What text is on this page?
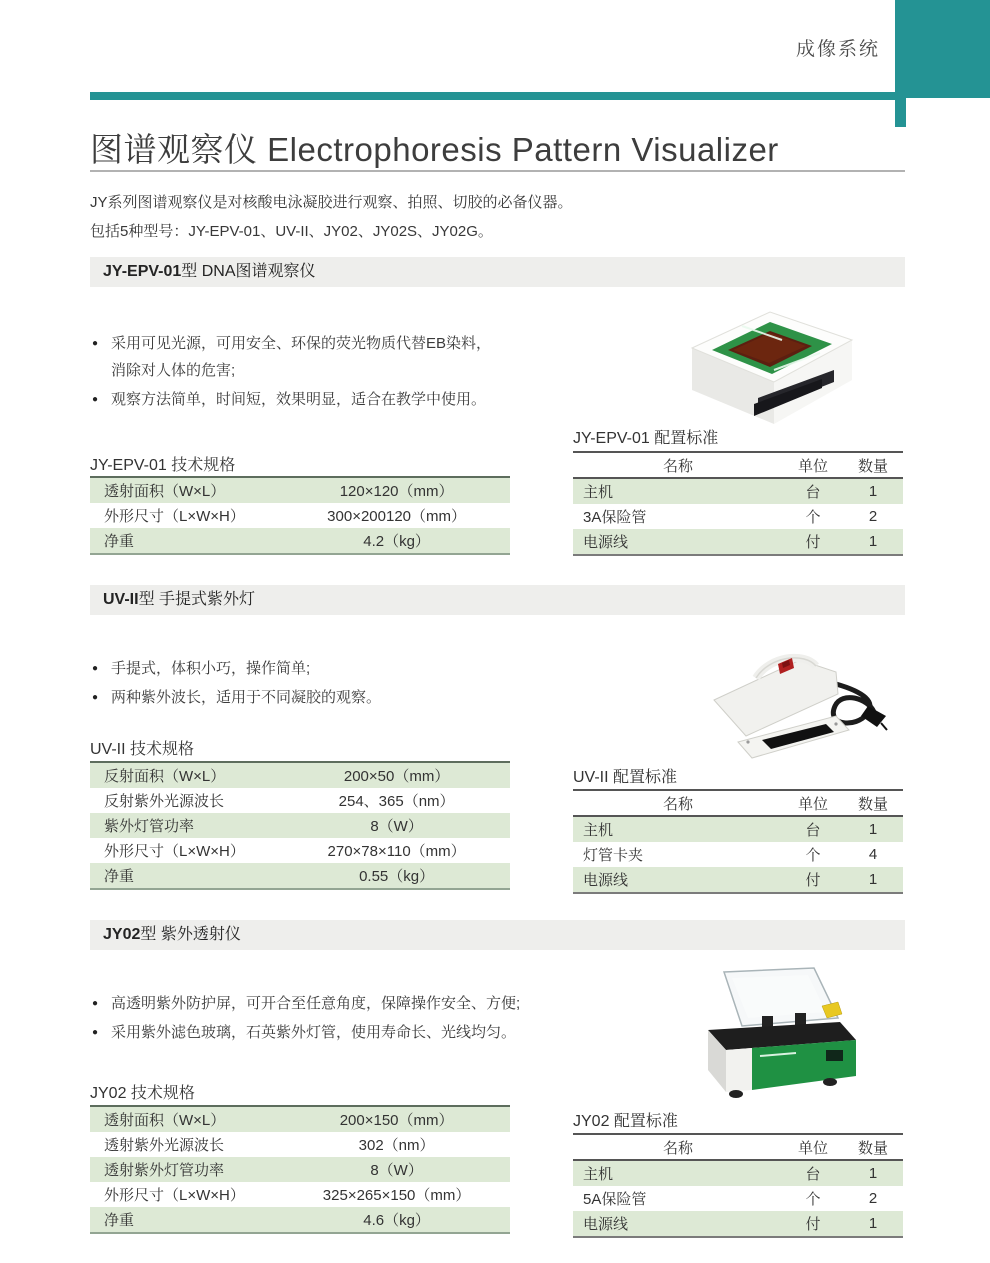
成像系统
图谱观察仪 Electrophoresis Pattern Visualizer
JY系列图谱观察仪是对核酸电泳凝胶进行观察、拍照、切胶的必备仪器。
包括5种型号：JY-EPV-01、UV-II、JY02、JY02S、JY02G。
JY-EPV-01型 DNA图谱观察仪
● 采用可见光源，可用安全、环保的荧光物质代替EB染料，
消除对人体的危害;
● 观察方法简单，时间短，效果明显，适合在教学中使用。
JY-EPV-01 配置标准
名称	单位	数量
主机	台	1
3A保险管	个	2
电源线	付	1
JY-EPV-01 技术规格
透射面积（W×L）	120×120（mm）
外形尺寸（L×W×H）	300×200120（mm）
净重	4.2（kg）
UV-II型 手提式紫外灯
● 手提式，体积小巧，操作简单;
● 两种紫外波长，适用于不同凝胶的观察。
UV-II 配置标准
名称	单位	数量
主机	台	1
灯管卡夹	个	4
电源线	付	1
UV-II 技术规格
反射面积（W×L）	200×50（mm）
反射紫外光源波长	254、365（nm）
紫外灯管功率	8（W）
外形尺寸（L×W×H）	270×78×110（mm）
净重	0.55（kg）
JY02型 紫外透射仪
● 高透明紫外防护屏，可开合至任意角度，保障操作安全、方便;
● 采用紫外滤色玻璃，石英紫外灯管，使用寿命长、光线均匀。
JY02 配置标准
名称	单位	数量
主机	台	1
5A保险管	个	2
电源线	付	1
JY02 技术规格
透射面积（W×L）	200×150（mm）
透射紫外光源波长	302（nm）
透射紫外灯管功率	8（W）
外形尺寸（L×W×H）	325×265×150（mm）
净重	4.6（kg）
